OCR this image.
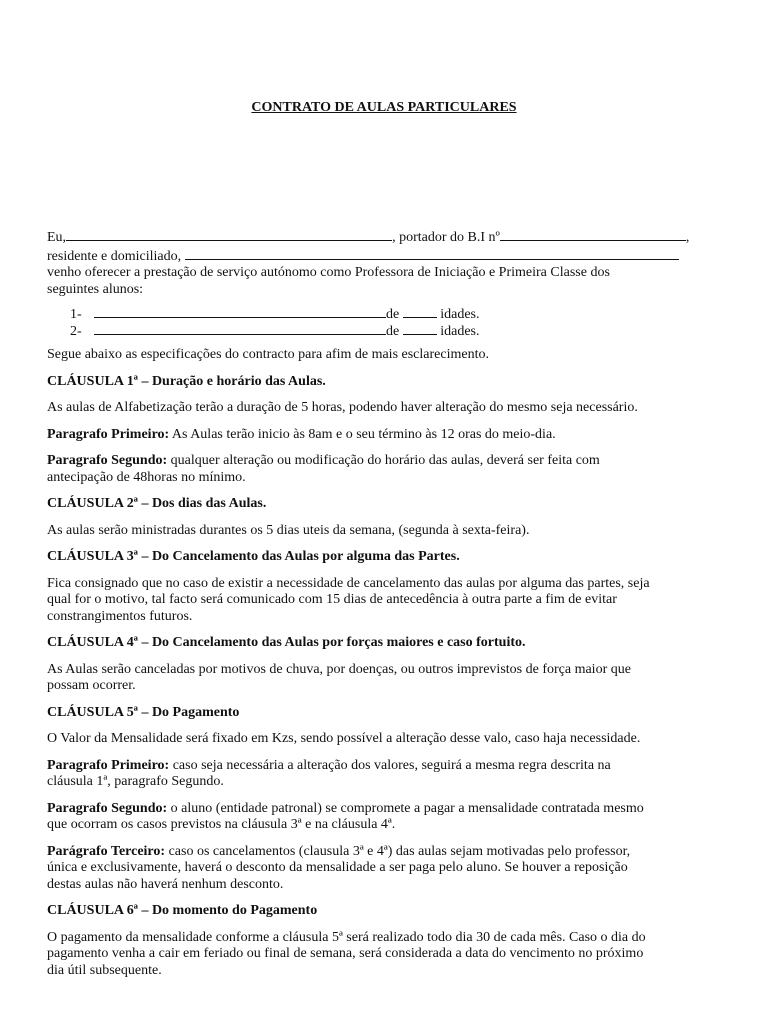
CONTRATO DE AULAS PARTICULARES
Eu,	, portador do B.I nº	,
residente e domiciliado,
venho oferecer a prestação de serviço autónomo como Professora de Iniciação e Primeira Classe dos
seguintes alunos:
1-	de	idades.
2-	de	idades.

Segue abaixo as especificações do contracto para afim de mais esclarecimento.

CLÁUSULA 1ª – Duração e horário das Aulas.

As aulas de Alfabetização terão a duração de 5 horas, podendo haver alteração do mesmo seja necessário.

Paragrafo Primeiro: As Aulas terão inicio às 8am e o seu término às 12 oras do meio-dia.

Paragrafo Segundo: qualquer alteração ou modificação do horário das aulas, deverá ser feita com
antecipação de 48horas no mínimo.

CLÁUSULA 2ª – Dos dias das Aulas.

As aulas serão ministradas durantes os 5 dias uteis da semana, (segunda à sexta-feira).

CLÁUSULA 3ª – Do Cancelamento das Aulas por alguma das Partes.

Fica consignado que no caso de existir a necessidade de cancelamento das aulas por alguma das partes, seja
qual for o motivo, tal facto será comunicado com 15 dias de antecedência à outra parte a fim de evitar
constrangimentos futuros.

CLÁUSULA 4ª – Do Cancelamento das Aulas por forças maiores e caso fortuito.

As Aulas serão canceladas por motivos de chuva, por doenças, ou outros imprevistos de força maior que
possam ocorrer.

CLÁUSULA 5ª – Do Pagamento

O Valor da Mensalidade será fixado em Kzs, sendo possível a alteração desse valo, caso haja necessidade.

Paragrafo Primeiro: caso seja necessária a alteração dos valores, seguirá a mesma regra descrita na
cláusula 1ª, paragrafo Segundo.
Paragrafo Segundo: o aluno (entidade patronal) se compromete a pagar a mensalidade contratada mesmo
que ocorram os casos previstos na cláusula 3ª e na cláusula 4ª.
Parágrafo Terceiro: caso os cancelamentos (clausula 3ª e 4ª) das aulas sejam motivadas pelo professor,
única e exclusivamente, haverá o desconto da mensalidade a ser paga pelo aluno. Se houver a reposição
destas aulas não haverá nenhum desconto.

CLÁUSULA 6ª – Do momento do Pagamento

O pagamento da mensalidade conforme a cláusula 5ª será realizado todo dia 30 de cada mês. Caso o dia do
pagamento venha a cair em feriado ou final de semana, será considerada a data do vencimento no próximo
dia útil subsequente.
